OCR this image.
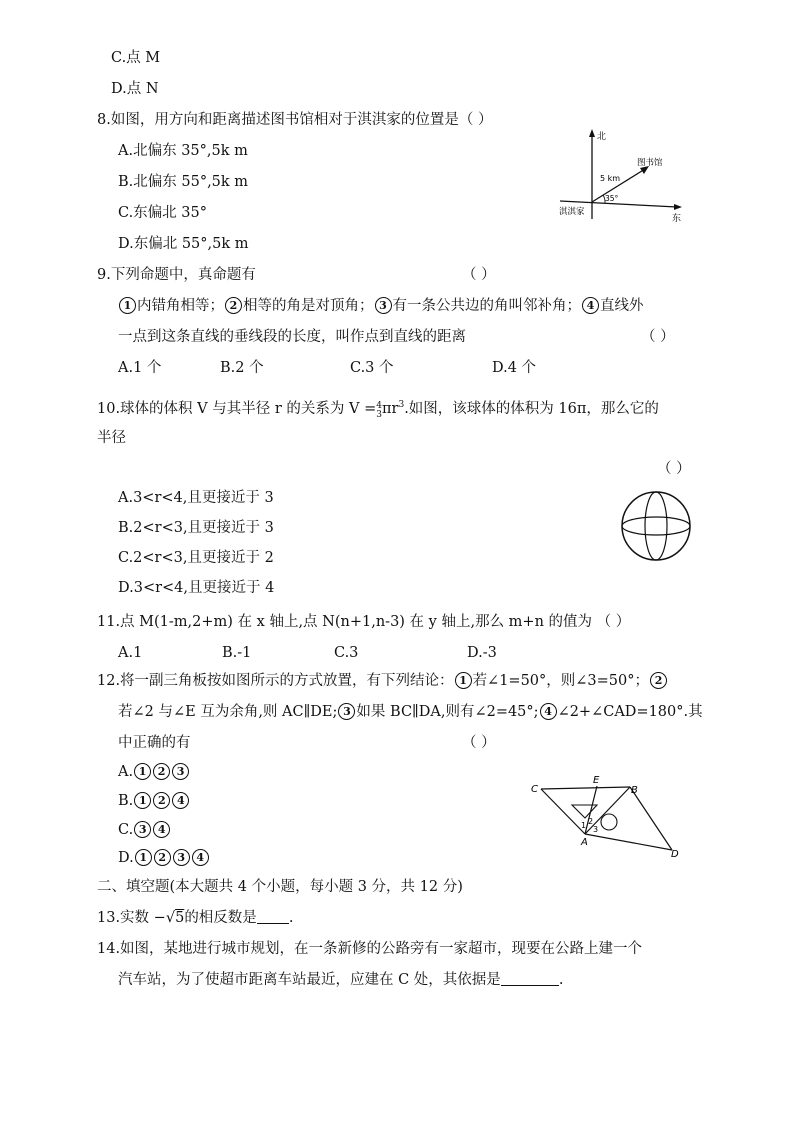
C.点 M
D.点 N
8.如图，用方向和距离描述图书馆相对于淇淇家的位置是（ ）
A.北偏东 35°,5k m
B.北偏东 55°,5k m
C.东偏北 35°
D.东偏北 55°,5k m
北
东
淇淇家
图书馆
5 km
35°
9.下列命题中，真命题有	（ ）
1 内错角相等； 2 相等的角是对顶角； 3 有一条公共边的角叫邻补角； 4 直线外
一点到这条直线的垂线段的长度，叫作点到直线的距离	（ ）
A.1 个	B.2 个	C.3 个	D.4 个
10.球体的体积 V 与其半径 r 的关系为 V = 4
3 $\pi r^3$.如图，该球体的体积为 16π，那么它的
半径
（ ）
A.3<r<4,且更接近于 3
B.2<r<3,且更接近于 3
C.2<r<3,且更接近于 2
D.3<r<4,且更接近于 4
11.点 M(1-m,2+m) 在 x 轴上,点 N(n+1,n-3) 在 y 轴上,那么 m+n 的值为 （ ）
A.1	B.-1	C.3	D.-3
12.将一副三角板按如图所示的方式放置，有下列结论： 1 若∠1=50°，则∠3=50°； 2
若∠2 与∠E 互为余角,则 AC∥DE; 3 如果 BC∥DA,则有∠2=45°; 4 ∠2+∠CAD=180°.其
中正确的有	（ ）
A. 1 2 3
B. 1 2 4
C. 3 4
D. 1 2 3 4
C
E
B
A
D
1 2
3
二、填空题(本大题共 4 个小题，每小题 3 分，共 12 分)
13.实数 −√5的相反数是 .
14.如图，某地进行城市规划，在一条新修的公路旁有一家超市，现要在公路上建一个
汽车站，为了使超市距离车站最近，应建在 C 处，其依据是	.
